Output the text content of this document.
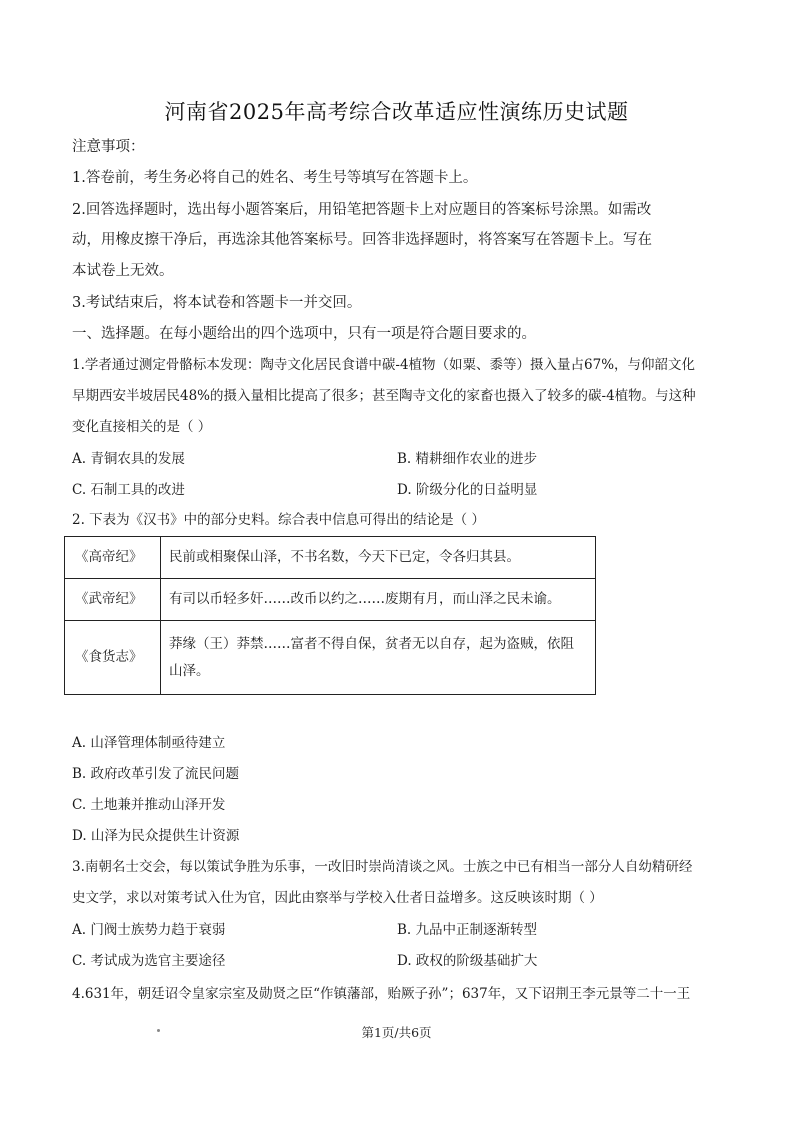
河南省2025年高考综合改革适应性演练历史试题
注意事项：
1.答卷前，考生务必将自己的姓名、考生号等填写在答题卡上。
2.回答选择题时，选出每小题答案后，用铅笔把答题卡上对应题目的答案标号涂黑。如需改
动，用橡皮擦干净后，再选涂其他答案标号。回答非选择题时，将答案写在答题卡上。写在
本试卷上无效。
3.考试结束后，将本试卷和答题卡一并交回。
一、选择题。在每小题给出的四个选项中，只有一项是符合题目要求的。
1.学者通过测定骨骼标本发现：陶寺文化居民食谱中碳-4植物（如粟、黍等）摄入量占67%，与仰韶文化
早期西安半坡居民48%的摄入量相比提高了很多；甚至陶寺文化的家畜也摄入了较多的碳-4植物。与这种
变化直接相关的是（ ）
A. 青铜农具的发展	B. 精耕细作农业的进步
C. 石制工具的改进	D. 阶级分化的日益明显
2. 下表为《汉书》中的部分史料。综合表中信息可得出的结论是（ ）
《高帝纪》	民前或相聚保山泽，不书名数，今天下已定，令各归其县。
《武帝纪》	有司以币轻多奸……改币以约之……废期有月，而山泽之民未谕。
《食货志》	莽缘（王）莽禁……富者不得自保，贫者无以自存，起为盗贼，依阻
山泽。
A. 山泽管理体制亟待建立
B. 政府改革引发了流民问题
C. 土地兼并推动山泽开发
D. 山泽为民众提供生计资源
3.南朝名士交会，每以策试争胜为乐事，一改旧时崇尚清谈之风。士族之中已有相当一部分人自幼精研经
史文学，求以对策考试入仕为官，因此由察举与学校入仕者日益增多。这反映该时期（ ）
A. 门阀士族势力趋于衰弱	B. 九品中正制逐渐转型
C. 考试成为选官主要途径	D. 政权的阶级基础扩大
4.631年，朝廷诏令皇家宗室及勋贤之臣“作镇藩部，贻厥子孙”；637年，又下诏荆王李元景等二十一王
第1页/共6页
